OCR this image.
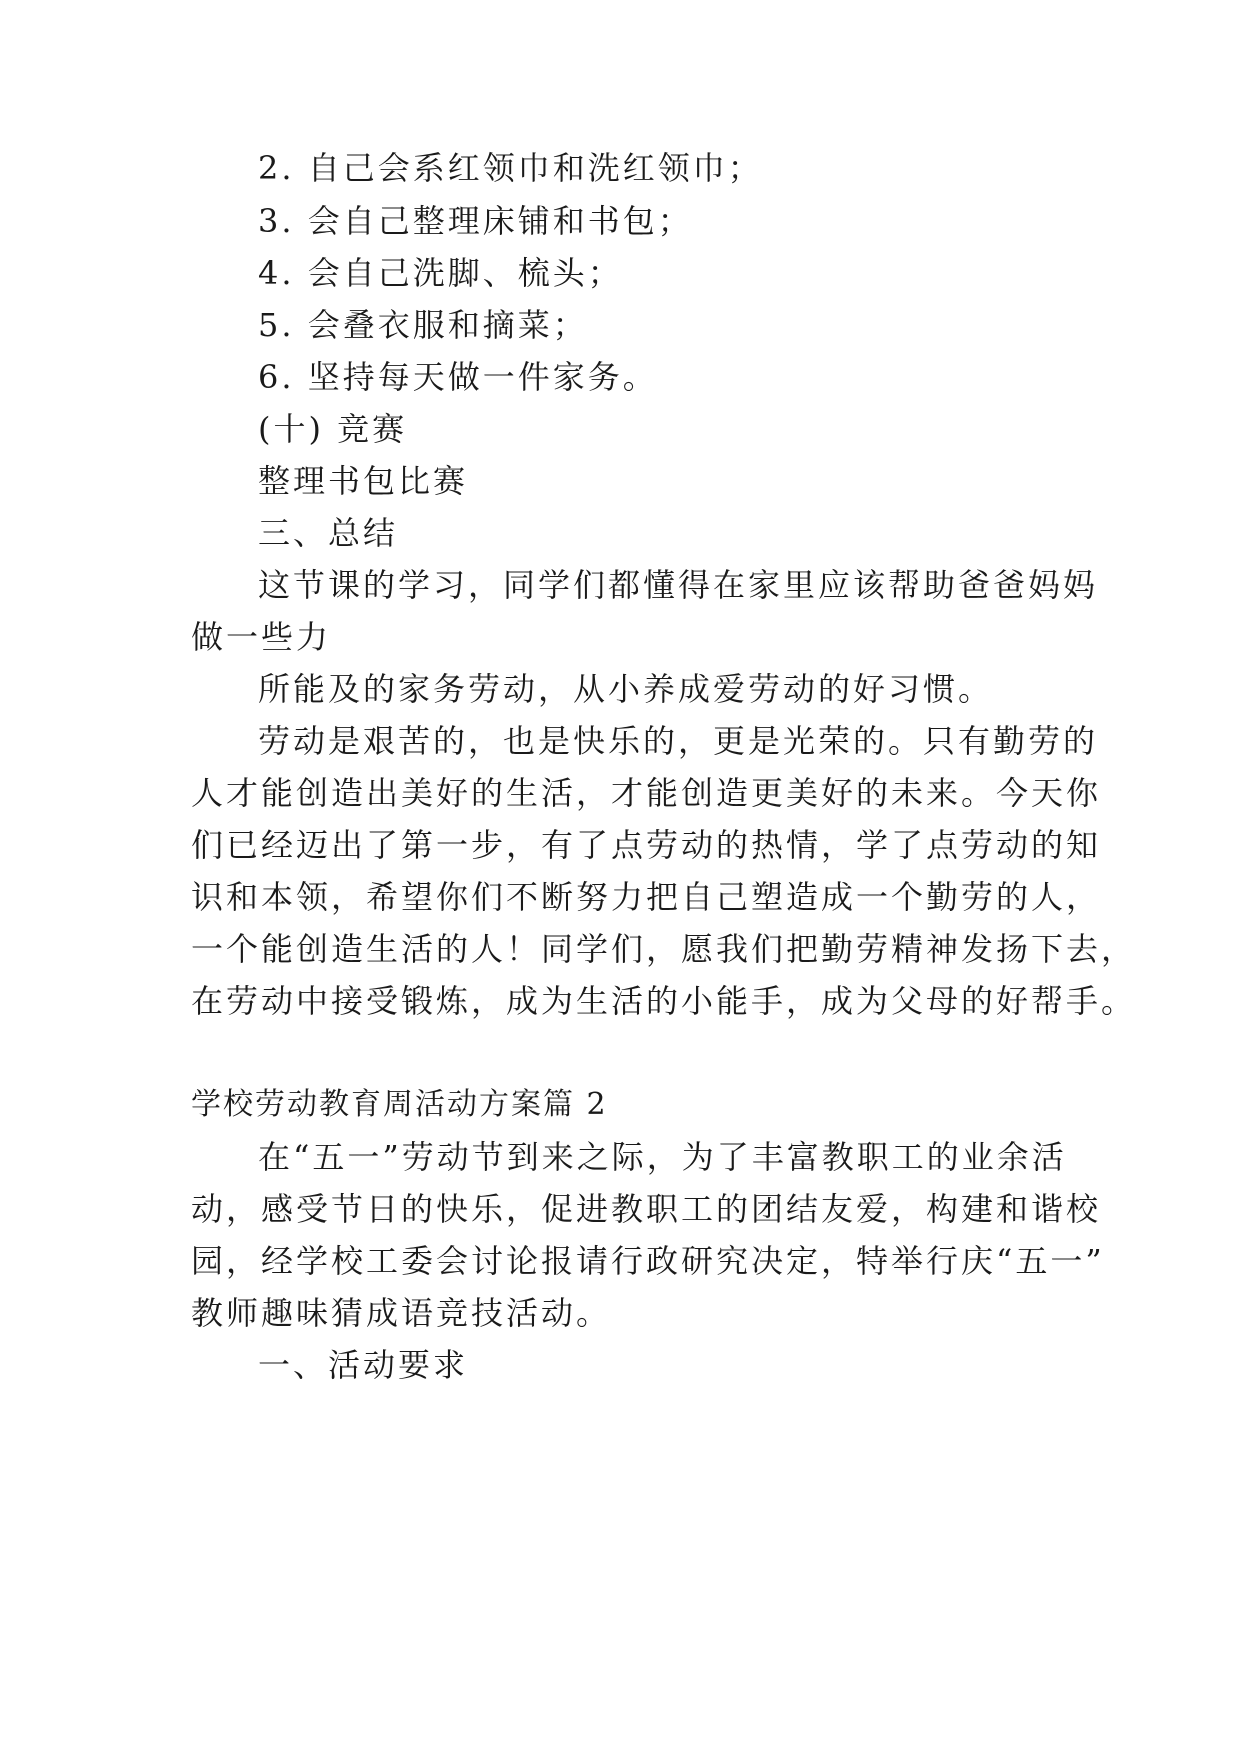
2. 自己会系红领巾和洗红领巾；
3. 会自己整理床铺和书包；
4. 会自己洗脚、梳头；
5. 会叠衣服和摘菜；
6. 坚持每天做一件家务。
(十) 竞赛
整理书包比赛
三、总结
这节课的学习，同学们都懂得在家里应该帮助爸爸妈妈
做一些力
所能及的家务劳动，从小养成爱劳动的好习惯。
劳动是艰苦的，也是快乐的，更是光荣的。只有勤劳的
人才能创造出美好的生活，才能创造更美好的未来。今天你
们已经迈出了第一步，有了点劳动的热情，学了点劳动的知
识和本领，希望你们不断努力把自己塑造成一个勤劳的人，
一个能创造生活的人！同学们，愿我们把勤劳精神发扬下去，
在劳动中接受锻炼，成为生活的小能手，成为父母的好帮手。
学校劳动教育周活动方案篇 2
在“五一”劳动节到来之际，为了丰富教职工的业余活
动，感受节日的快乐，促进教职工的团结友爱，构建和谐校
园，经学校工委会讨论报请行政研究决定，特举行庆“五一”
教师趣味猜成语竞技活动。
一、活动要求
